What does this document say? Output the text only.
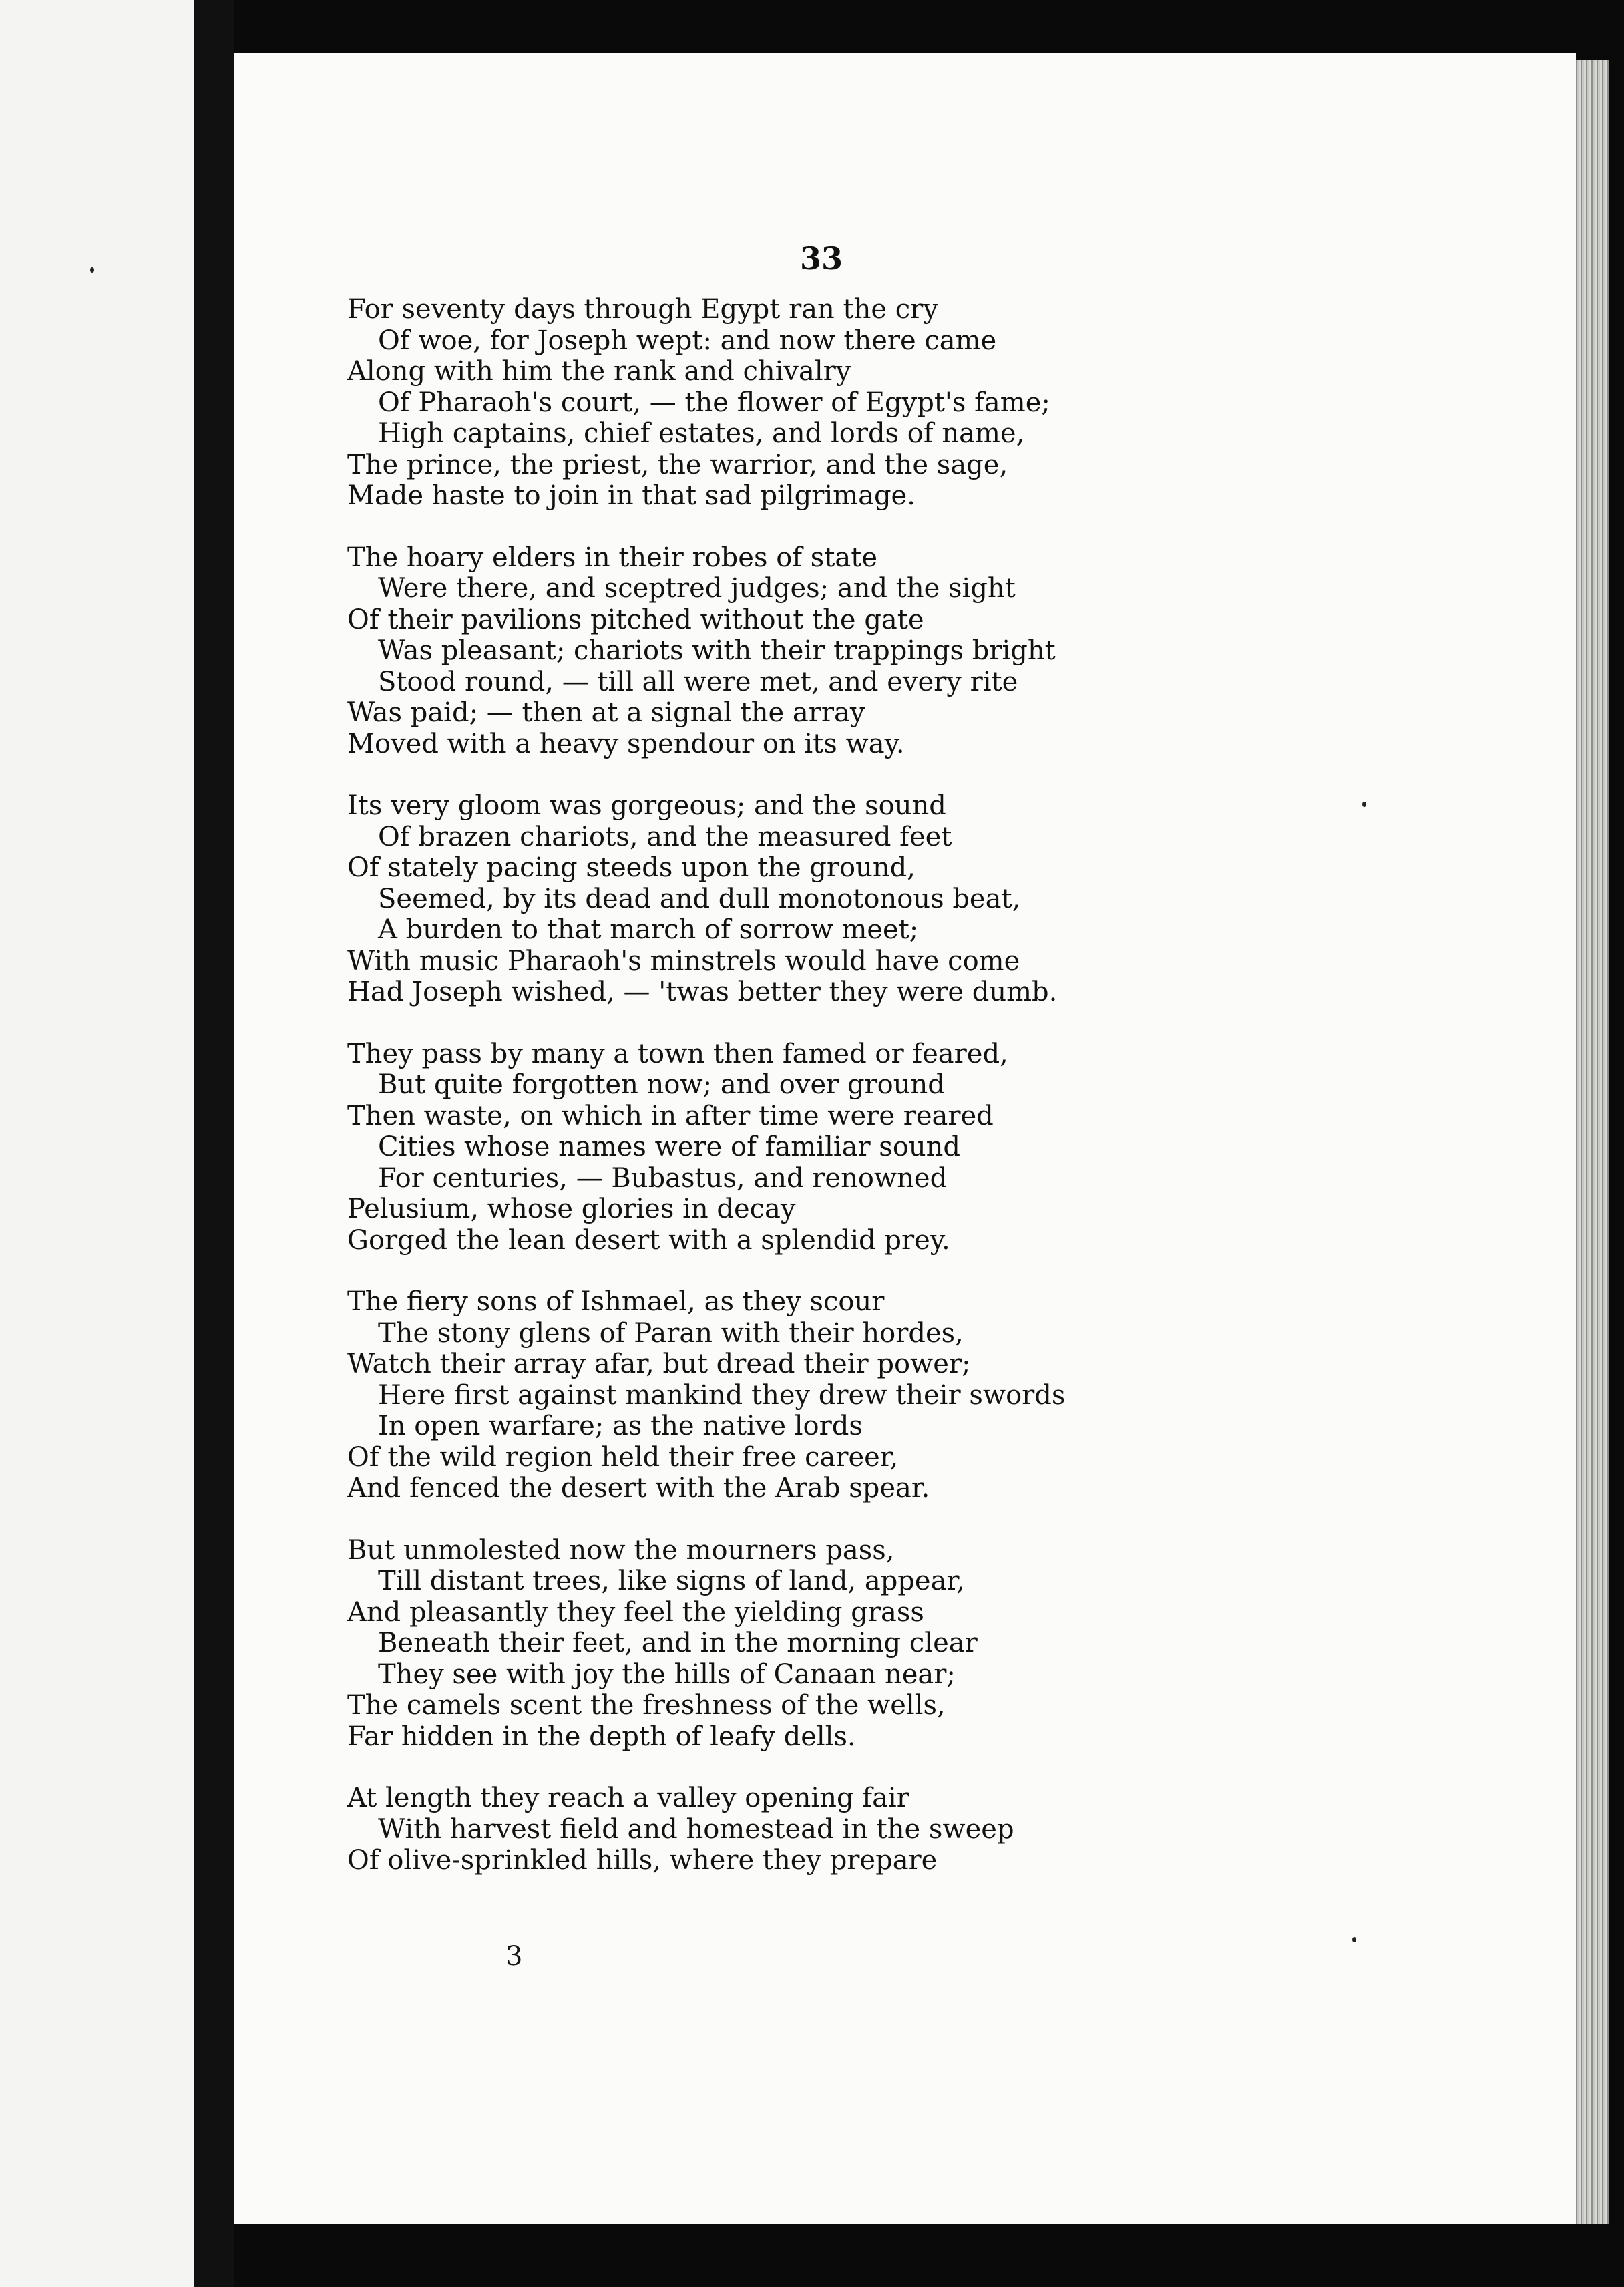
33
For seventy days through Egypt ran the cry
Of woe, for Joseph wept: and now there came
Along with him the rank and chivalry
Of Pharaoh's court, — the flower of Egypt's fame;
High captains, chief estates, and lords of name,
The prince, the priest, the warrior, and the sage,
Made haste to join in that sad pilgrimage.
The hoary elders in their robes of state
Were there, and sceptred judges; and the sight
Of their pavilions pitched without the gate
Was pleasant; chariots with their trappings bright
Stood round, — till all were met, and every rite
Was paid; — then at a signal the array
Moved with a heavy spendour on its way.
Its very gloom was gorgeous; and the sound
Of brazen chariots, and the measured feet
Of stately pacing steeds upon the ground,
Seemed, by its dead and dull monotonous beat,
A burden to that march of sorrow meet;
With music Pharaoh's minstrels would have come
Had Joseph wished, — 'twas better they were dumb.
They pass by many a town then famed or feared,
But quite forgotten now; and over ground
Then waste, on which in after time were reared
Cities whose names were of familiar sound
For centuries, — Bubastus, and renowned
Pelusium, whose glories in decay
Gorged the lean desert with a splendid prey.
The fiery sons of Ishmael, as they scour
The stony glens of Paran with their hordes,
Watch their array afar, but dread their power;
Here first against mankind they drew their swords
In open warfare; as the native lords
Of the wild region held their free career,
And fenced the desert with the Arab spear.
But unmolested now the mourners pass,
Till distant trees, like signs of land, appear,
And pleasantly they feel the yielding grass
Beneath their feet, and in the morning clear
They see with joy the hills of Canaan near;
The camels scent the freshness of the wells,
Far hidden in the depth of leafy dells.
At length they reach a valley opening fair
With harvest field and homestead in the sweep
Of olive-sprinkled hills, where they prepare
3
